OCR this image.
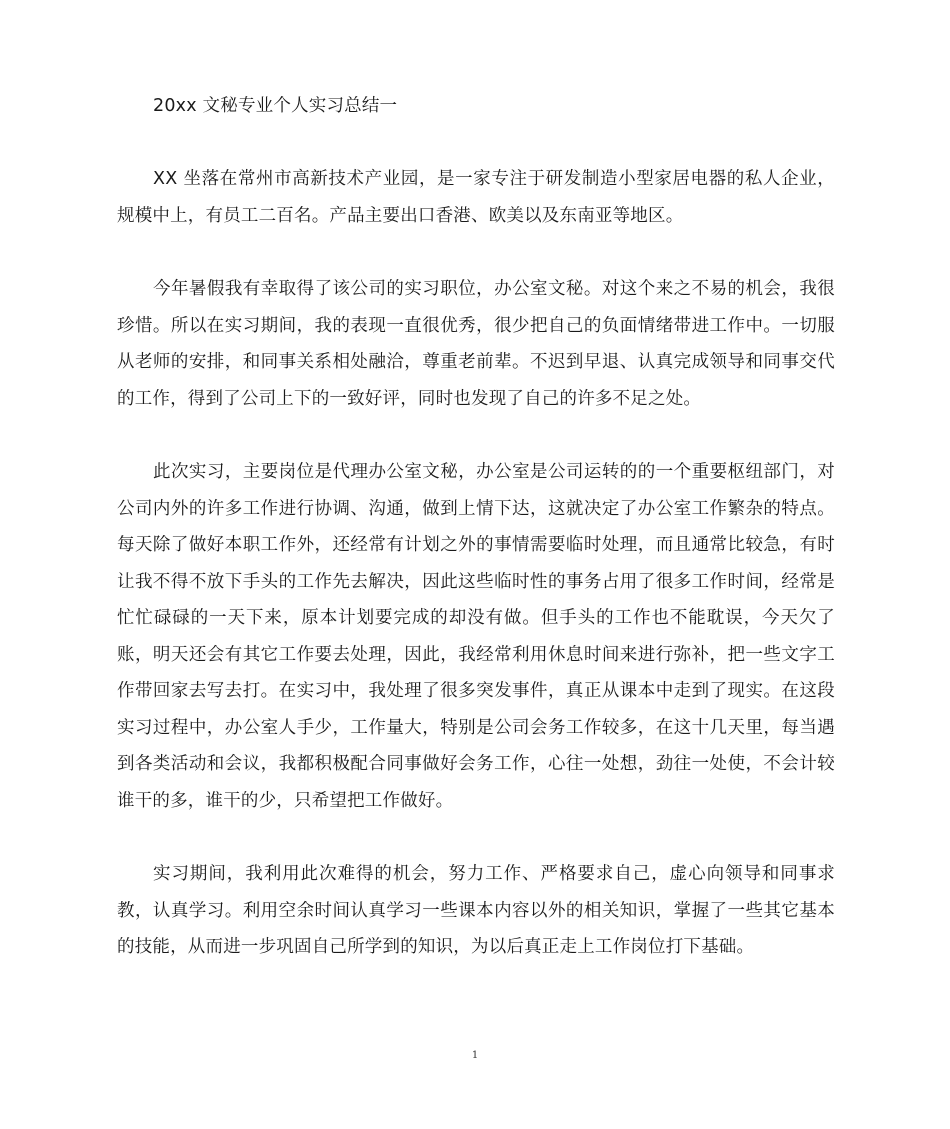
20xx 文秘专业个人实习总结一

XX 坐落在常州市高新技术产业园，是一家专注于研发制造小型家居电器的私人企业，规模中上，有员工二百名。产品主要出口香港、欧美以及东南亚等地区。

今年暑假我有幸取得了该公司的实习职位，办公室文秘。对这个来之不易的机会，我很珍惜。所以在实习期间，我的表现一直很优秀，很少把自己的负面情绪带进工作中。一切服从老师的安排，和同事关系相处融洽，尊重老前辈。不迟到早退、认真完成领导和同事交代的工作，得到了公司上下的一致好评，同时也发现了自己的许多不足之处。

此次实习，主要岗位是代理办公室文秘，办公室是公司运转的的一个重要枢纽部门，对公司内外的许多工作进行协调、沟通，做到上情下达，这就决定了办公室工作繁杂的特点。每天除了做好本职工作外，还经常有计划之外的事情需要临时处理，而且通常比较急，有时让我不得不放下手头的工作先去解决，因此这些临时性的事务占用了很多工作时间，经常是忙忙碌碌的一天下来，原本计划要完成的却没有做。但手头的工作也不能耽误，今天欠了账，明天还会有其它工作要去处理，因此，我经常利用休息时间来进行弥补，把一些文字工作带回家去写去打。在实习中，我处理了很多突发事件，真正从课本中走到了现实。在这段实习过程中，办公室人手少，工作量大，特别是公司会务工作较多，在这十几天里，每当遇到各类活动和会议，我都积极配合同事做好会务工作，心往一处想，劲往一处使，不会计较谁干的多，谁干的少，只希望把工作做好。

实习期间，我利用此次难得的机会，努力工作、严格要求自己，虚心向领导和同事求教，认真学习。利用空余时间认真学习一些课本内容以外的相关知识，掌握了一些其它基本的技能，从而进一步巩固自己所学到的知识，为以后真正走上工作岗位打下基础。

1
